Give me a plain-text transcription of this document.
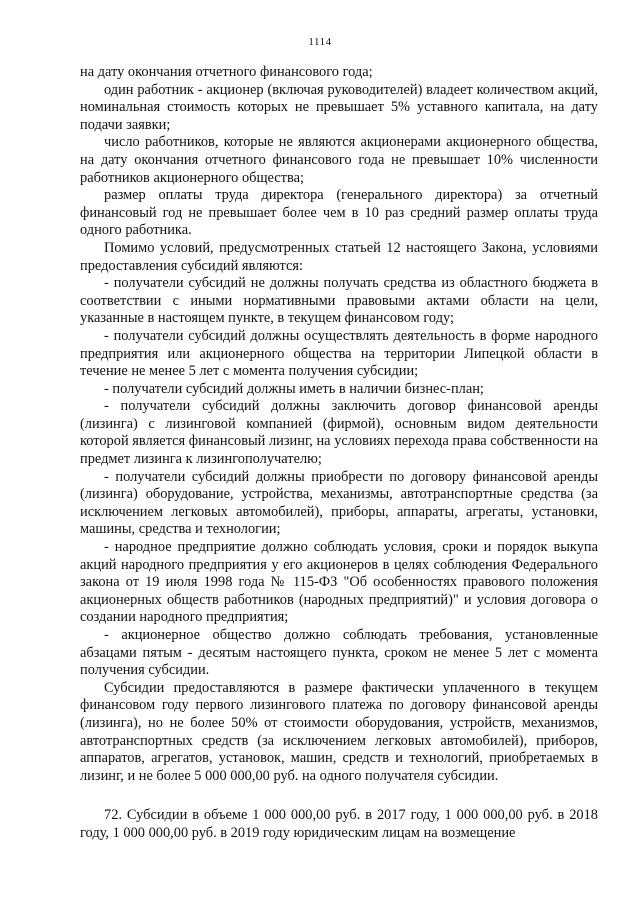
1114

на дату окончания отчетного финансового года;

один работник - акционер (включая руководителей) владеет количеством акций, номинальная стоимость которых не превышает 5% уставного капитала, на дату подачи заявки;

число работников, которые не являются акционерами акционерного общества, на дату окончания отчетного финансового года не превышает 10% численности работников акционерного общества;

размер оплаты труда директора (генерального директора) за отчетный финансовый год не превышает более чем в 10 раз средний размер оплаты труда одного работника.

Помимо условий, предусмотренных статьей 12 настоящего Закона, условиями предоставления субсидий являются:

- получатели субсидий не должны получать средства из областного бюджета в соответствии с иными нормативными правовыми актами области на цели, указанные в настоящем пункте, в текущем финансовом году;

- получатели субсидий должны осуществлять деятельность в форме народного предприятия или акционерного общества на территории Липецкой области в течение не менее 5 лет с момента получения субсидии;

- получатели субсидий должны иметь в наличии бизнес-план;

- получатели субсидий должны заключить договор финансовой аренды (лизинга) с лизинговой компанией (фирмой), основным видом деятельности которой является финансовый лизинг, на условиях перехода права собственности на предмет лизинга к лизингополучателю;

- получатели субсидий должны приобрести по договору финансовой аренды (лизинга) оборудование, устройства, механизмы, автотранспортные средства (за исключением легковых автомобилей), приборы, аппараты, агрегаты, установки, машины, средства и технологии;

- народное предприятие должно соблюдать условия, сроки и порядок выкупа акций народного предприятия у его акционеров в целях соблюдения Федерального закона от 19 июля 1998 года № 115-ФЗ "Об особенностях правового положения акционерных обществ работников (народных предприятий)" и условия договора о создании народного предприятия;

- акционерное общество должно соблюдать требования, установленные абзацами пятым - десятым настоящего пункта, сроком не менее 5 лет с момента получения субсидии.

Субсидии предоставляются в размере фактически уплаченного в текущем финансовом году первого лизингового платежа по договору финансовой аренды (лизинга), но не более 50% от стоимости оборудования, устройств, механизмов, автотранспортных средств (за исключением легковых автомобилей), приборов, аппаратов, агрегатов, установок, машин, средств и технологий, приобретаемых в лизинг, и не более 5 000 000,00 руб. на одного получателя субсидии.

72. Субсидии в объеме 1 000 000,00 руб. в 2017 году, 1 000 000,00 руб. в 2018 году, 1 000 000,00 руб. в 2019 году юридическим лицам на возмещение
